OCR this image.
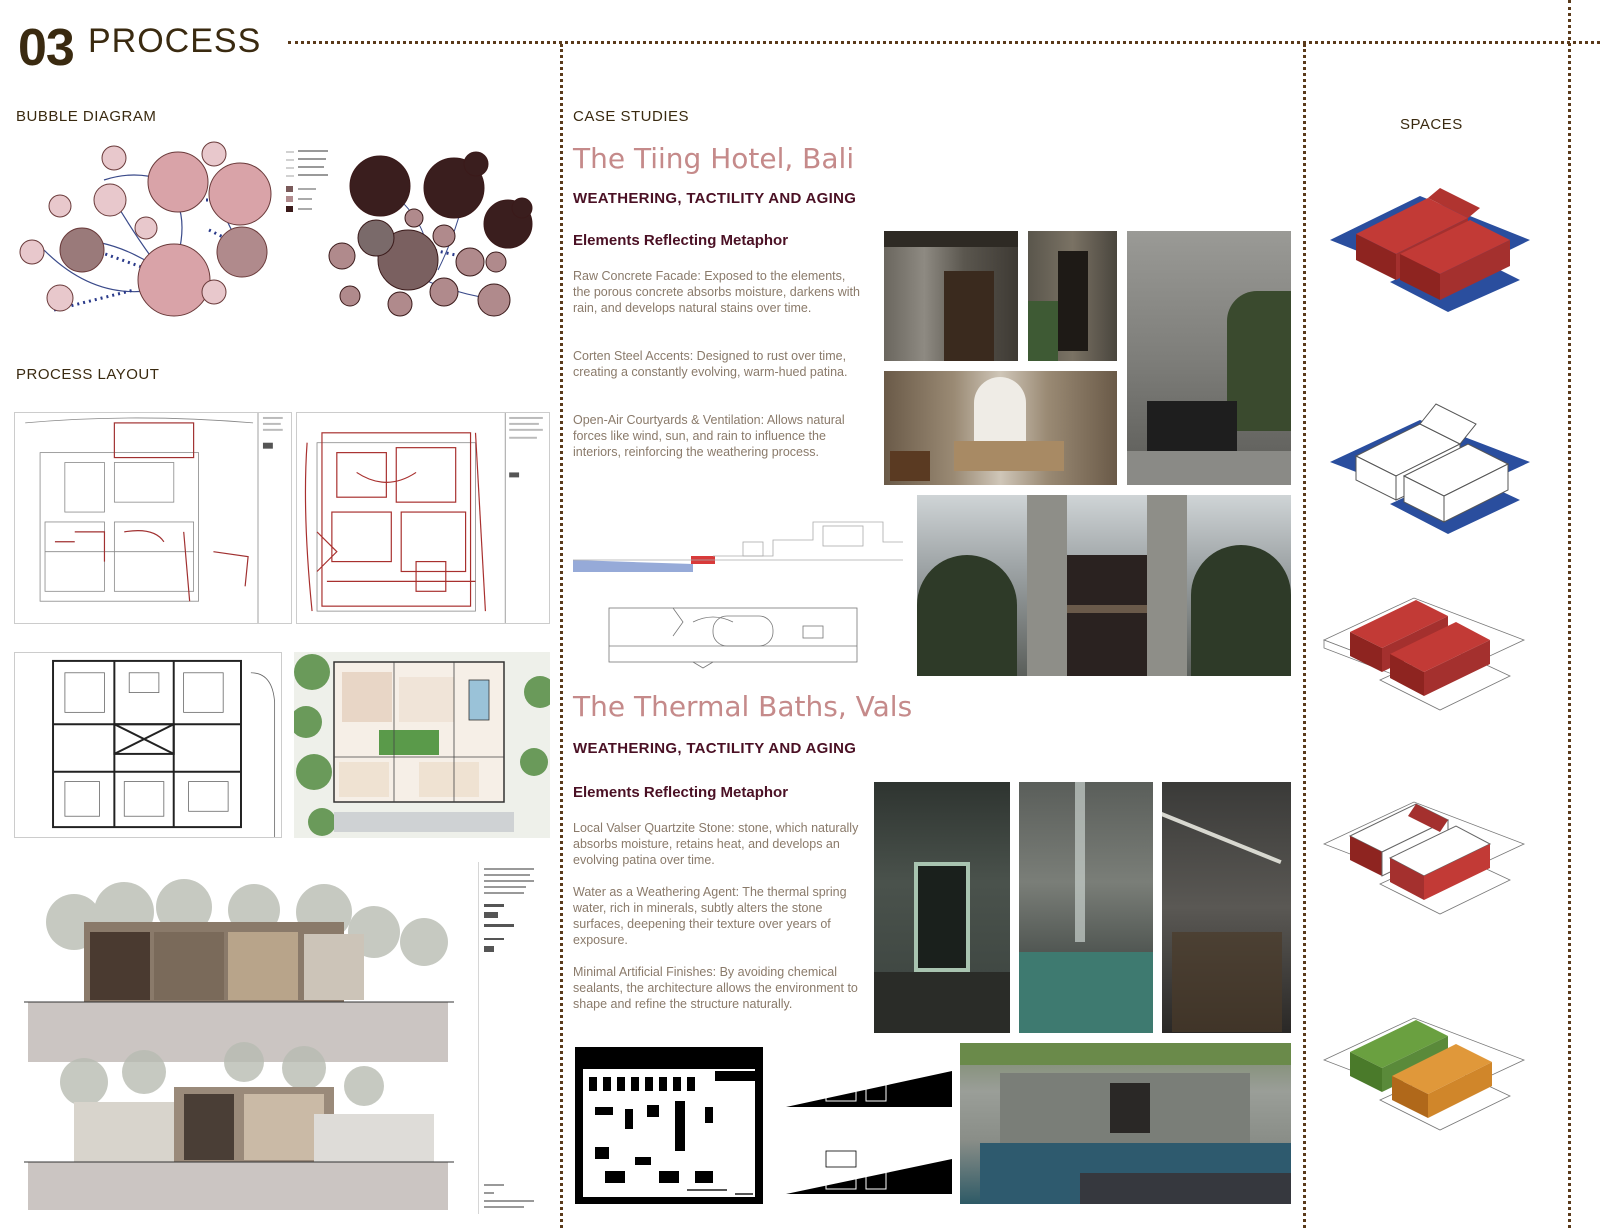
03 PROCESS
BUBBLE DIAGRAM
PROCESS LAYOUT
CASE STUDIES
The Tiing Hotel, Bali
WEATHERING, TACTILITY AND AGING
Elements Reflecting Metaphor
Raw Concrete Facade: Exposed to the elements, the porous concrete absorbs moisture, darkens with rain, and develops natural stains over time.
Corten Steel Accents: Designed to rust over time, creating a constantly evolving, warm-hued patina.
Open-Air Courtyards & Ventilation: Allows natural forces like wind, sun, and rain to influence the interiors, reinforcing the weathering process.
The Thermal Baths, Vals
WEATHERING, TACTILITY AND AGING
Elements Reflecting Metaphor
Local Valser Quartzite Stone: stone, which naturally absorbs moisture, retains heat, and develops an evolving patina over time.
Water as a Weathering Agent: The thermal spring water, rich in minerals, subtly alters the stone surfaces, deepening their texture over years of exposure.
Minimal Artificial Finishes: By avoiding chemical sealants, the architecture allows the environment to shape and refine the structure naturally.
SPACES
